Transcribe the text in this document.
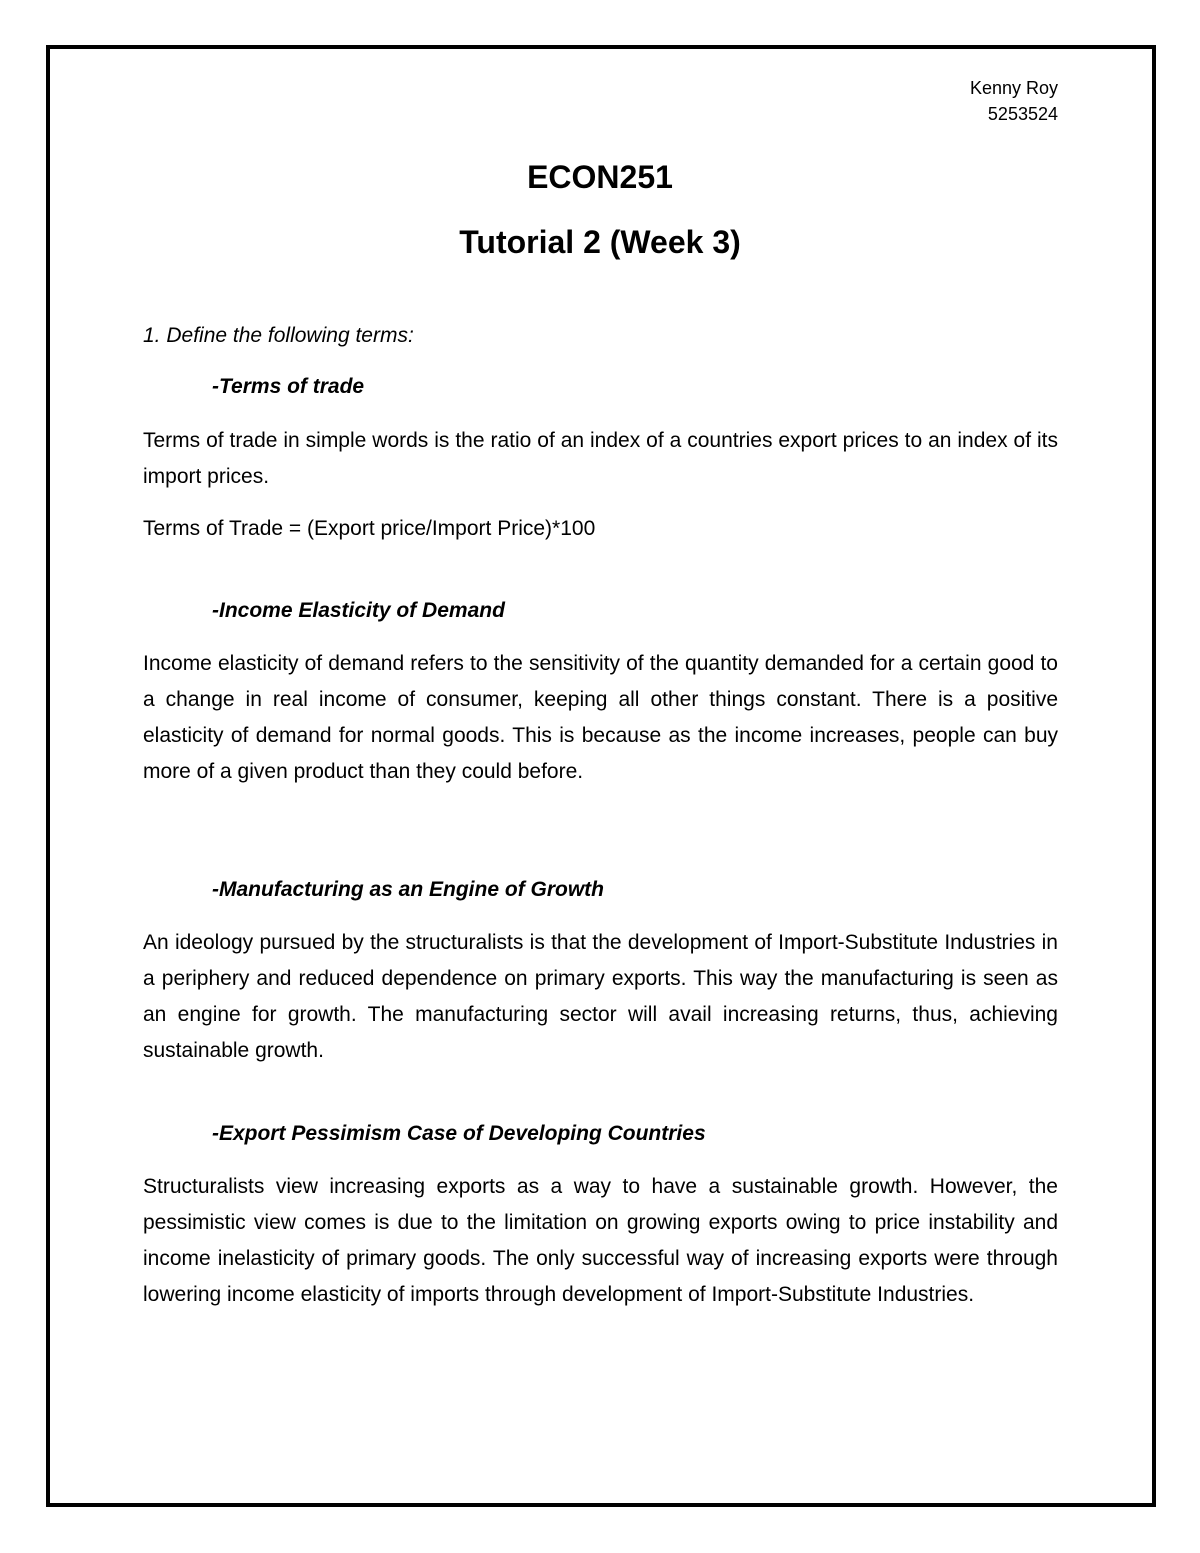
Kenny Roy
5253524
ECON251
Tutorial 2 (Week 3)
1. Define the following terms:
-Terms of trade
Terms of trade in simple words is the ratio of an index of a countries export prices to an index of its import prices.
Terms of Trade = (Export price/Import Price)*100
-Income Elasticity of Demand
Income elasticity of demand refers to the sensitivity of the quantity demanded for a certain good to a change in real income of consumer, keeping all other things constant. There is a positive elasticity of demand for normal goods. This is because as the income increases, people can buy more of a given product than they could before.
-Manufacturing as an Engine of Growth
An ideology pursued by the structuralists is that the development of Import-Substitute Industries in a periphery and reduced dependence on primary exports. This way the manufacturing is seen as an engine for growth. The manufacturing sector will avail increasing returns, thus, achieving sustainable growth.
-Export Pessimism Case of Developing Countries
Structuralists view increasing exports as a way to have a sustainable growth. However, the pessimistic view comes is due to the limitation on growing exports owing to price instability and income inelasticity of primary goods. The only successful way of increasing exports were through lowering income elasticity of imports through development of Import-Substitute Industries.
